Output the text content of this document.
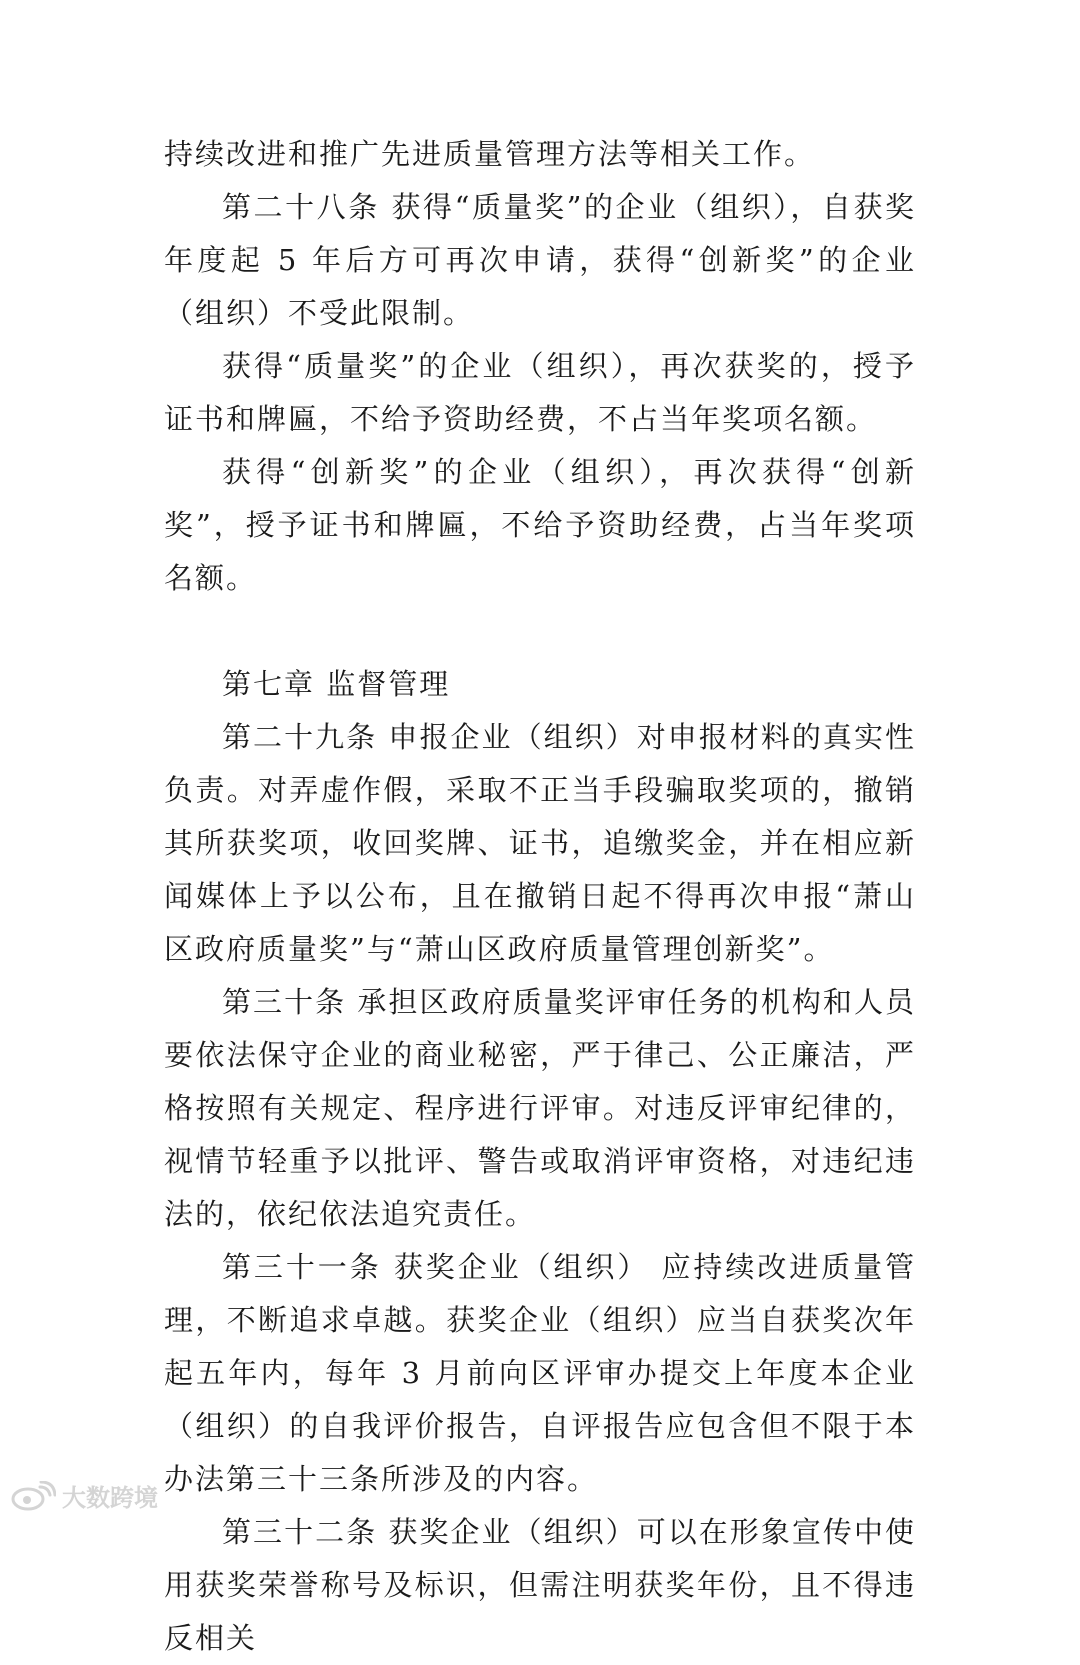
持续改进和推广先进质量管理方法等相关工作。

第二十八条 获得“质量奖”的企业（组织），自获奖年度起 5 年后方可再次申请，获得“创新奖”的企业（组织）不受此限制。

获得“质量奖”的企业（组织），再次获奖的，授予证书和牌匾，不给予资助经费，不占当年奖项名额。

获得“创新奖”的企业（组织），再次获得“创新奖”，授予证书和牌匾，不给予资助经费，占当年奖项名额。

第七章 监督管理

第二十九条 申报企业（组织）对申报材料的真实性负责。对弄虚作假，采取不正当手段骗取奖项的，撤销其所获奖项，收回奖牌、证书，追缴奖金，并在相应新闻媒体上予以公布，且在撤销日起不得再次申报“萧山区政府质量奖”与“萧山区政府质量管理创新奖”。

第三十条 承担区政府质量奖评审任务的机构和人员要依法保守企业的商业秘密，严于律己、公正廉洁，严格按照有关规定、程序进行评审。对违反评审纪律的，视情节轻重予以批评、警告或取消评审资格，对违纪违法的，依纪依法追究责任。

第三十一条 获奖企业（组织） 应持续改进质量管理，不断追求卓越。获奖企业（组织）应当自获奖次年起五年内，每年 3 月前向区评审办提交上年度本企业（组织）的自我评价报告，自评报告应包含但不限于本办法第三十三条所涉及的内容。

第三十二条 获奖企业（组织）可以在形象宣传中使用获奖荣誉称号及标识，但需注明获奖年份，且不得违反相关

大数跨境
